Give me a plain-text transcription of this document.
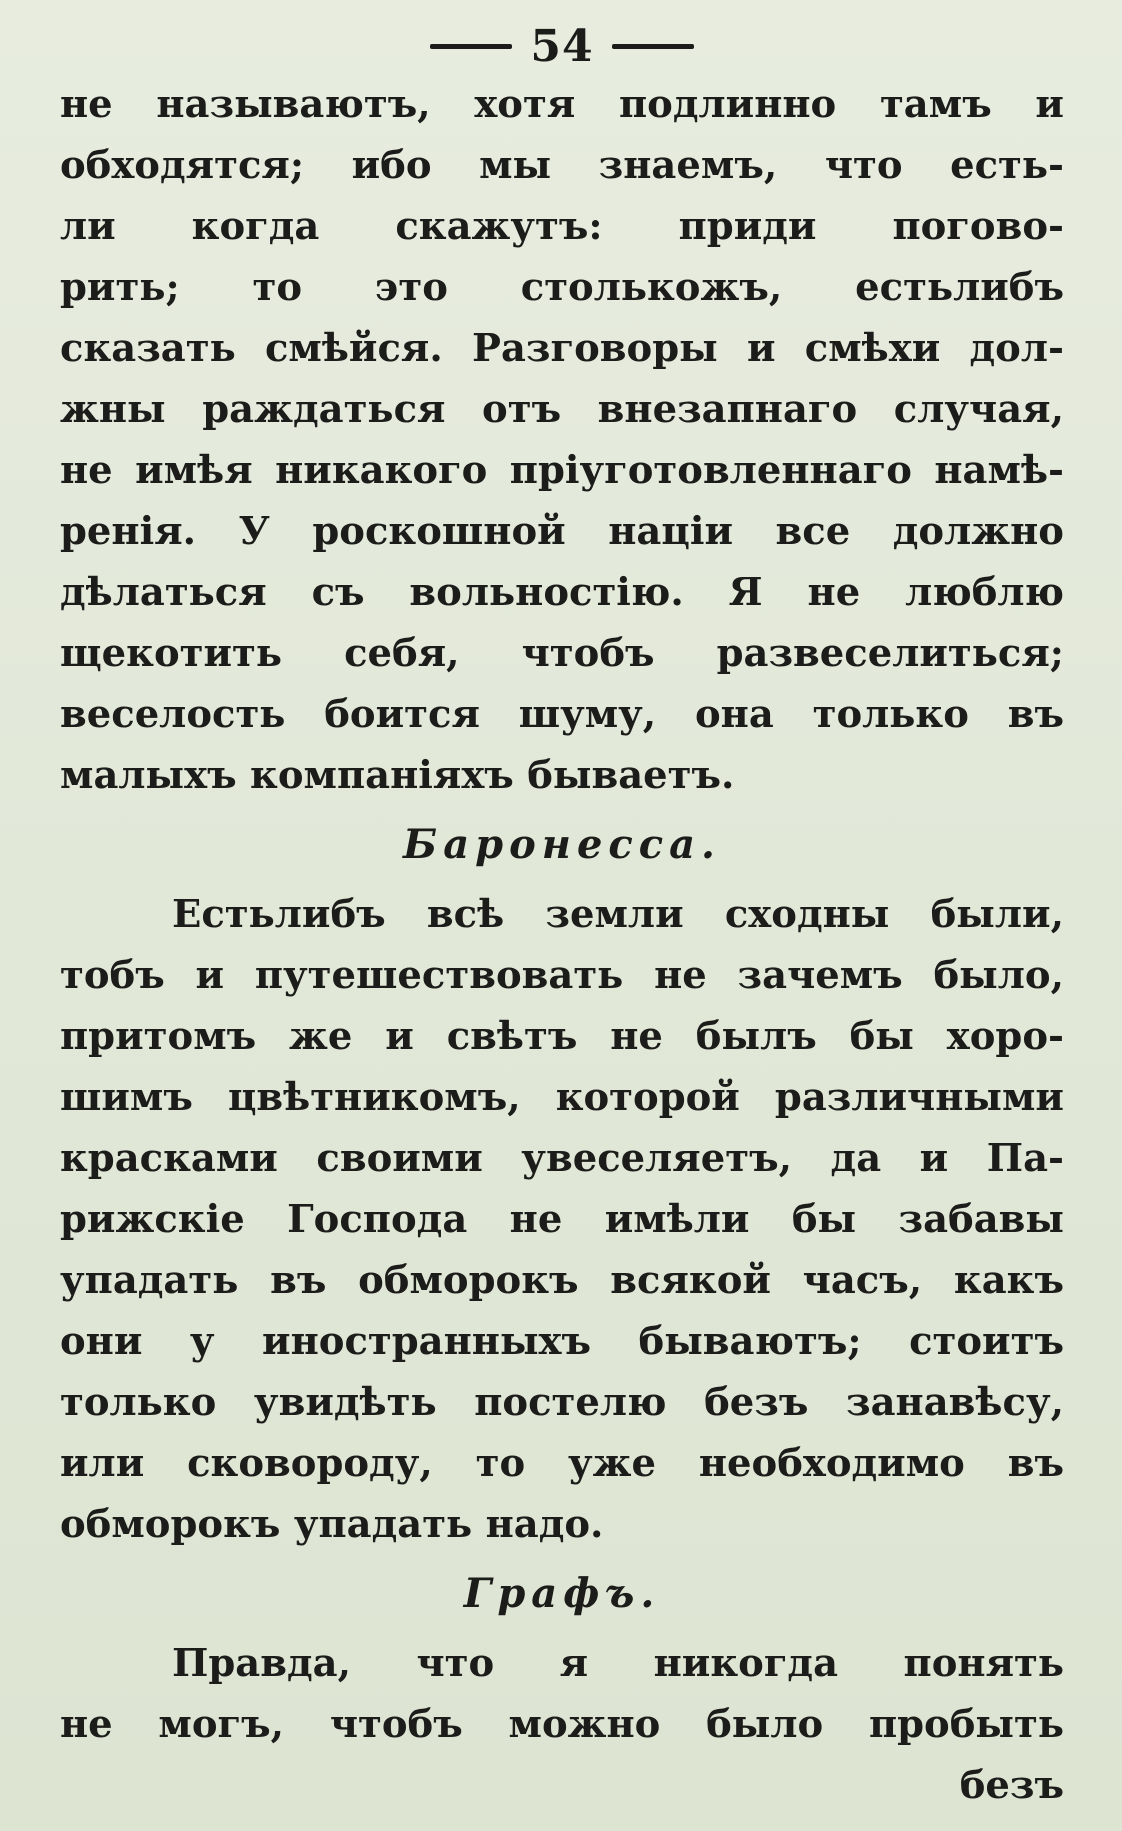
54

не называютъ, хотя подлинно тамъ и
обходятся; ибо мы знаемъ, что есть-
ли когда скажутъ: приди погово-
рить; то это столькожъ, естьлибъ
сказать смѣйся. Разговоры и смѣхи дол-
жны раждаться отъ внезапнаго случая,
не имѣя никакого пріуготовленнаго намѣ-
ренія. У роскошной націи все должно
дѣлаться съ вольностію. Я не люблю
щекотить себя, чтобъ развеселиться;
веселость боится шуму, она только въ
малыхъ компаніяхъ бываетъ.

Баронесса.

Естьлибъ всѣ земли сходны были,
тобъ и путешествовать не зачемъ было,
притомъ же и свѣтъ не былъ бы хоро-
шимъ цвѣтникомъ, которой различными
красками своими увеселяетъ, да и Па-
рижскіе Господа не имѣли бы забавы
упадать въ обморокъ всякой часъ, какъ
они у иностранныхъ бываютъ; стоитъ
только увидѣть постелю безъ занавѣсу,
или сковороду, то уже необходимо въ
обморокъ упадать надо.

Графъ.

Правда, что я никогда понять
не могъ, чтобъ можно было пробыть
безъ
